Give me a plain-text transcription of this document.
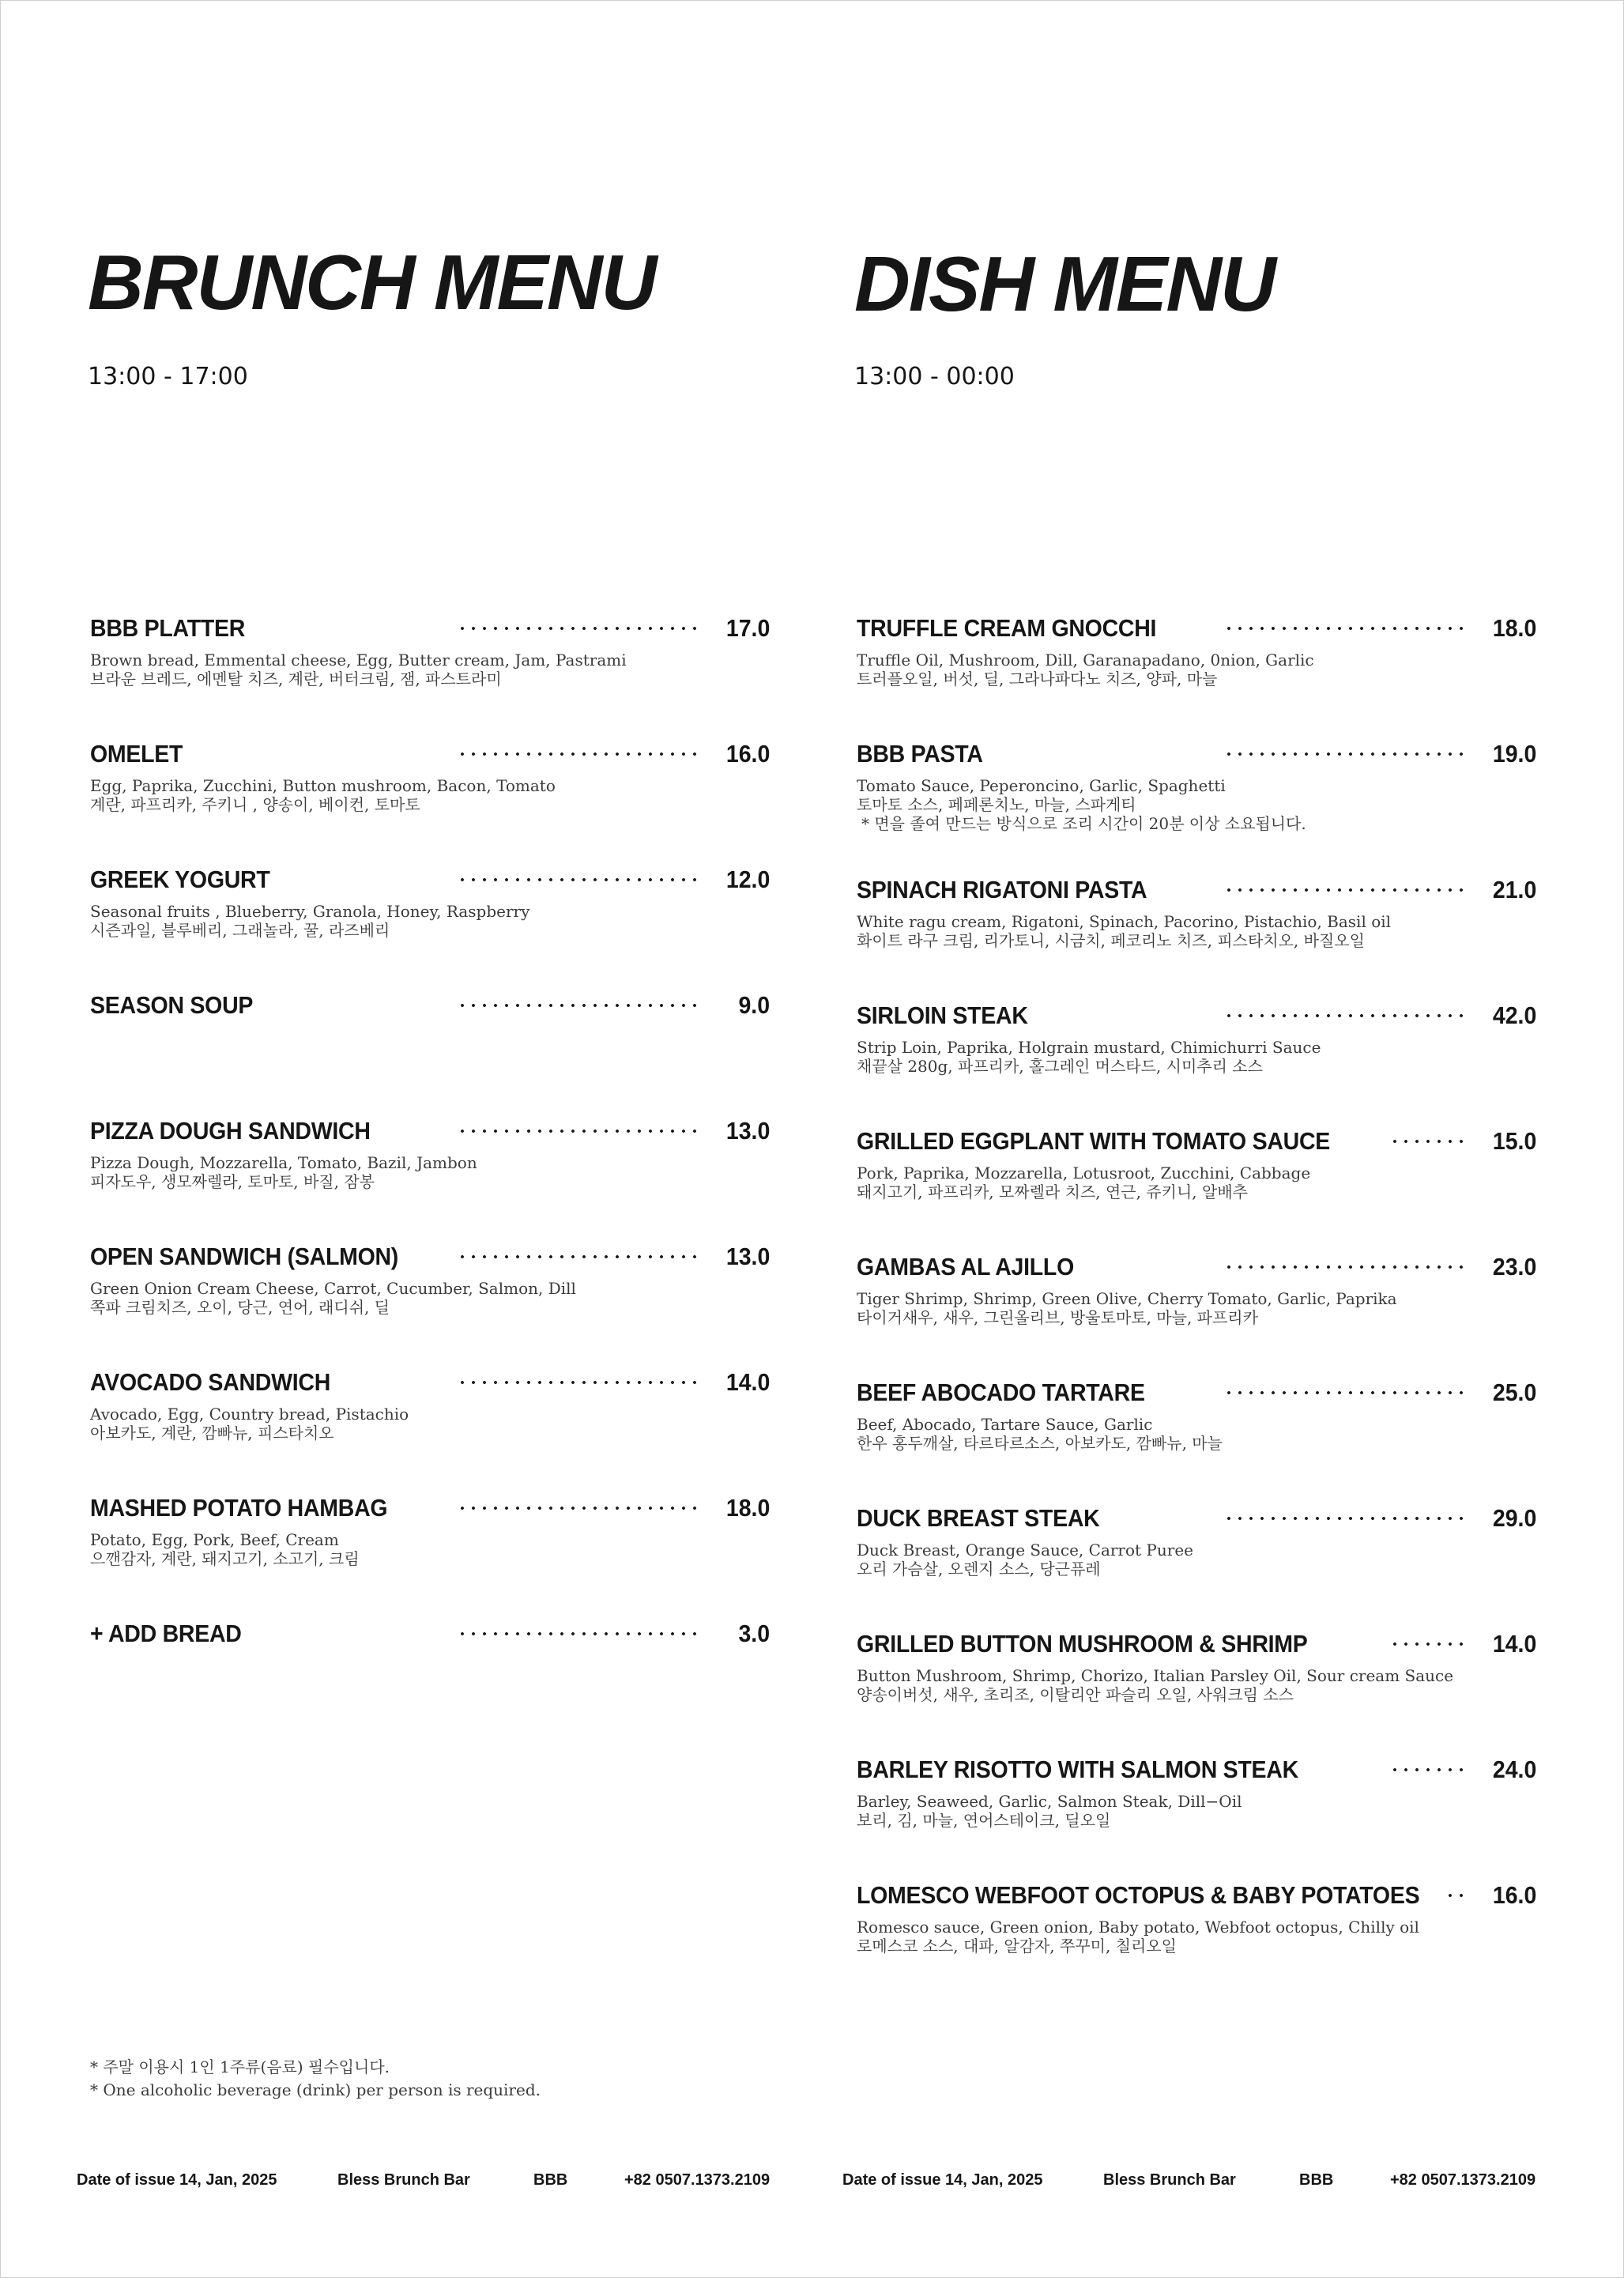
BRUNCH MENU
13:00 - 17:00
BBB PLATTER	17.0
Brown bread, Emmental cheese, Egg, Butter cream, Jam, Pastrami
브라운 브레드, 에멘탈 치즈, 계란, 버터크림, 잼, 파스트라미
OMELET	16.0
Egg, Paprika, Zucchini, Button mushroom, Bacon, Tomato
계란, 파프리카, 주키니 , 양송이, 베이컨, 토마토
GREEK YOGURT	12.0
Seasonal fruits , Blueberry, Granola, Honey, Raspberry
시즌과일, 블루베리, 그래놀라, 꿀, 라즈베리
SEASON SOUP	9.0
PIZZA DOUGH SANDWICH	13.0
Pizza Dough, Mozzarella, Tomato, Bazil, Jambon
피자도우, 생모짜렐라, 토마토, 바질, 잠봉
OPEN SANDWICH (SALMON)	13.0
Green Onion Cream Cheese, Carrot, Cucumber, Salmon, Dill
쪽파 크림치즈, 오이, 당근, 연어, 래디쉬, 딜
AVOCADO SANDWICH	14.0
Avocado, Egg, Country bread, Pistachio
아보카도, 계란, 깜빠뉴, 피스타치오
MASHED POTATO HAMBAG	18.0
Potato, Egg, Pork, Beef, Cream
으깬감자, 계란, 돼지고기, 소고기, 크림
+ ADD BREAD	3.0
* 주말 이용시 1인 1주류(음료) 필수입니다.
* One alcoholic beverage (drink) per person is required.
Date of issue 14, Jan, 2025	Bless Brunch Bar	BBB	+82 0507.1373.2109
DISH MENU
13:00 - 00:00
TRUFFLE CREAM GNOCCHI	18.0
Truffle Oil, Mushroom, Dill, Garanapadano, 0nion, Garlic
트러플오일, 버섯, 딜, 그라나파다노 치즈, 양파, 마늘
BBB PASTA	19.0
Tomato Sauce, Peperoncino, Garlic, Spaghetti
토마토 소스, 페페론치노, 마늘, 스파게티
* 면을 졸여 만드는 방식으로 조리 시간이 20분 이상 소요됩니다.
SPINACH RIGATONI PASTA	21.0
White ragu cream, Rigatoni, Spinach, Pacorino, Pistachio, Basil oil
화이트 라구 크림, 리가토니, 시금치, 페코리노 치즈, 피스타치오, 바질오일
SIRLOIN STEAK	42.0
Strip Loin, Paprika, Holgrain mustard, Chimichurri Sauce
채끝살 280g, 파프리카, 홀그레인 머스타드, 시미추리 소스
GRILLED EGGPLANT WITH TOMATO SAUCE	15.0
Pork, Paprika, Mozzarella, Lotusroot, Zucchini, Cabbage
돼지고기, 파프리카, 모짜렐라 치즈, 연근, 쥬키니, 알배추
GAMBAS AL AJILLO	23.0
Tiger Shrimp, Shrimp, Green Olive, Cherry Tomato, Garlic, Paprika
타이거새우, 새우, 그린올리브, 방울토마토, 마늘, 파프리카
BEEF ABOCADO TARTARE	25.0
Beef, Abocado, Tartare Sauce, Garlic
한우 홍두깨살, 타르타르소스, 아보카도, 깜빠뉴, 마늘
DUCK BREAST STEAK	29.0
Duck Breast, Orange Sauce, Carrot Puree
오리 가슴살, 오렌지 소스, 당근퓨레
GRILLED BUTTON MUSHROOM & SHRIMP	14.0
Button Mushroom, Shrimp, Chorizo, Italian Parsley Oil, Sour cream Sauce
양송이버섯, 새우, 초리조, 이탈리안 파슬리 오일, 사워크림 소스
BARLEY RISOTTO WITH SALMON STEAK	24.0
Barley, Seaweed, Garlic, Salmon Steak, Dill−Oil
보리, 김, 마늘, 연어스테이크, 딜오일
LOMESCO WEBFOOT OCTOPUS & BABY POTATOES	16.0
Romesco sauce, Green onion, Baby potato, Webfoot octopus, Chilly oil
로메스코 소스, 대파, 알감자, 쭈꾸미, 칠리오일
Date of issue 14, Jan, 2025	Bless Brunch Bar	BBB	+82 0507.1373.2109
